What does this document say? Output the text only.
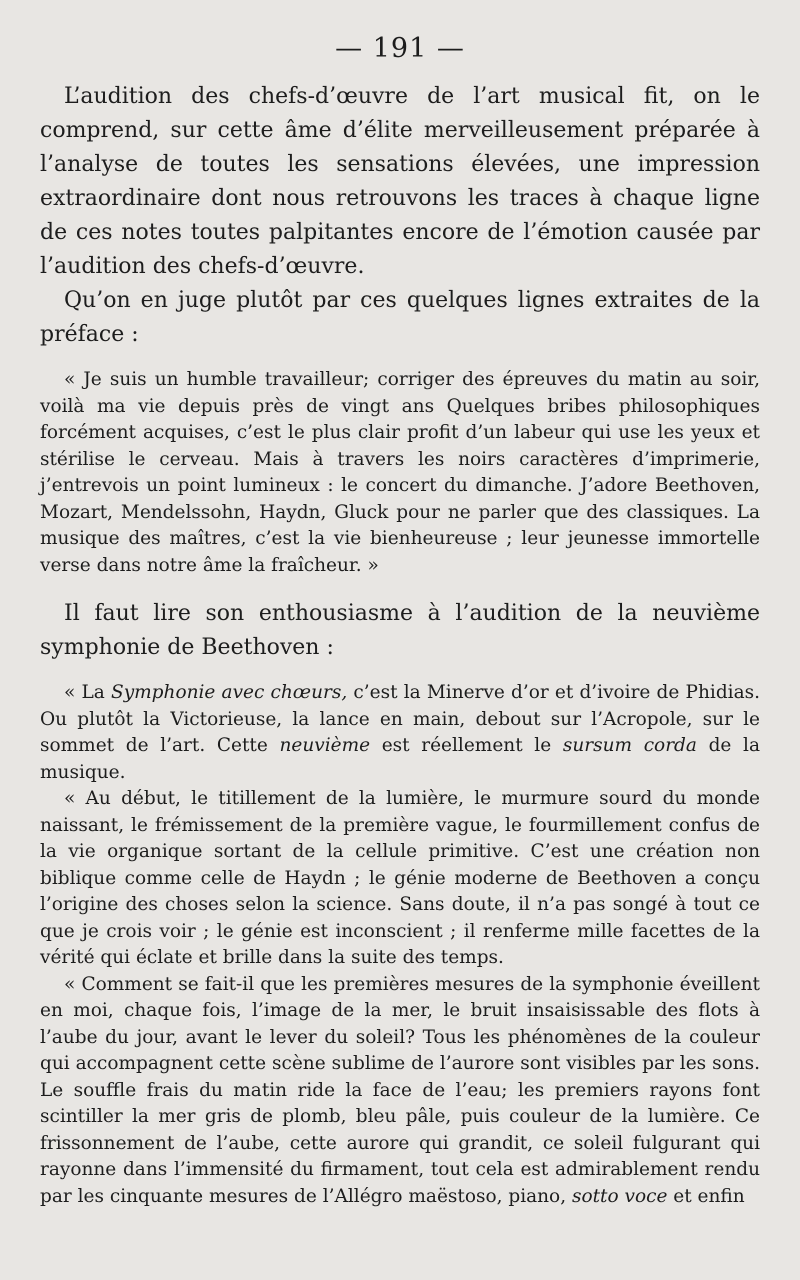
— 191 —

L’audition des chefs-d’œuvre de l’art musical fit, on le comprend, sur cette âme d’élite merveilleusement préparée à l’analyse de toutes les sensations élevées, une impression extraordinaire dont nous retrouvons les traces à chaque ligne de ces notes toutes palpitantes encore de l’émotion causée par l’audition des chefs-d’œuvre.

Qu’on en juge plutôt par ces quelques lignes extraites de la préface :

« Je suis un humble travailleur; corriger des épreuves du matin au soir, voilà ma vie depuis près de vingt ans Quelques bribes philosophiques forcément acquises, c’est le plus clair profit d’un labeur qui use les yeux et stérilise le cerveau. Mais à travers les noirs caractères d’imprimerie, j’entrevois un point lumineux : le concert du dimanche. J’adore Beethoven, Mozart, Mendelssohn, Haydn, Gluck pour ne parler que des classiques. La musique des maîtres, c’est la vie bienheureuse ; leur jeunesse immortelle verse dans notre âme la fraîcheur. »

Il faut lire son enthousiasme à l’audition de la neuvième symphonie de Beethoven :

« La Symphonie avec chœurs, c’est la Minerve d’or et d’ivoire de Phidias. Ou plutôt la Victorieuse, la lance en main, debout sur l’Acropole, sur le sommet de l’art. Cette neuvième est réellement le sursum corda de la musique.

« Au début, le titillement de la lumière, le murmure sourd du monde naissant, le frémissement de la première vague, le fourmillement confus de la vie organique sortant de la cellule primitive. C’est une création non biblique comme celle de Haydn ; le génie moderne de Beethoven a conçu l’origine des choses selon la science. Sans doute, il n’a pas songé à tout ce que je crois voir ; le génie est inconscient ; il renferme mille facettes de la vérité qui éclate et brille dans la suite des temps.

« Comment se fait-il que les premières mesures de la symphonie éveillent en moi, chaque fois, l’image de la mer, le bruit insaisissable des flots à l’aube du jour, avant le lever du soleil? Tous les phénomènes de la couleur qui accompagnent cette scène sublime de l’aurore sont visibles par les sons. Le souffle frais du matin ride la face de l’eau; les premiers rayons font scintiller la mer gris de plomb, bleu pâle, puis couleur de la lumière. Ce frissonnement de l’aube, cette aurore qui grandit, ce soleil fulgurant qui rayonne dans l’immensité du firmament, tout cela est admirablement rendu par les cinquante mesures de l’Allégro maëstoso, piano, sotto voce et enfin
